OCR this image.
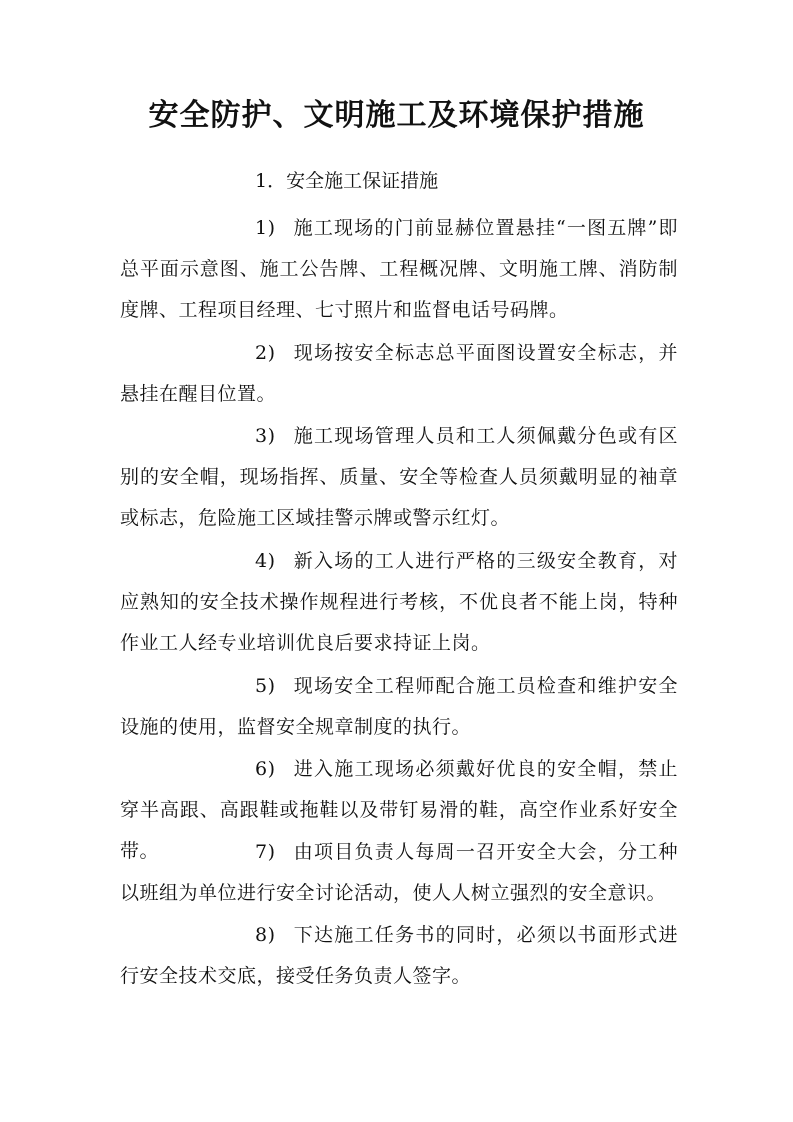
安全防护、文明施工及环境保护措施
1．安全施工保证措施

1) 施工现场的门前显赫位置悬挂“一图五牌”即总平面示意图、施工公告牌、工程概况牌、文明施工牌、消防制度牌、工程项目经理、七寸照片和监督电话号码牌。

2) 现场按安全标志总平面图设置安全标志，并悬挂在醒目位置。

3) 施工现场管理人员和工人须佩戴分色或有区别的安全帽，现场指挥、质量、安全等检查人员须戴明显的袖章或标志，危险施工区域挂警示牌或警示红灯。

4) 新入场的工人进行严格的三级安全教育，对应熟知的安全技术操作规程进行考核，不优良者不能上岗，特种作业工人经专业培训优良后要求持证上岗。

5) 现场安全工程师配合施工员检查和维护安全设施的使用，监督安全规章制度的执行。

6) 进入施工现场必须戴好优良的安全帽，禁止穿半高跟、高跟鞋或拖鞋以及带钉易滑的鞋，高空作业系好安全带。	7) 由项目负责人每周一召开安全大会，分工种以班组为单位进行安全讨论活动，使人人树立强烈的安全意识。

8) 下达施工任务书的同时，必须以书面形式进行安全技术交底，接受任务负责人签字。
